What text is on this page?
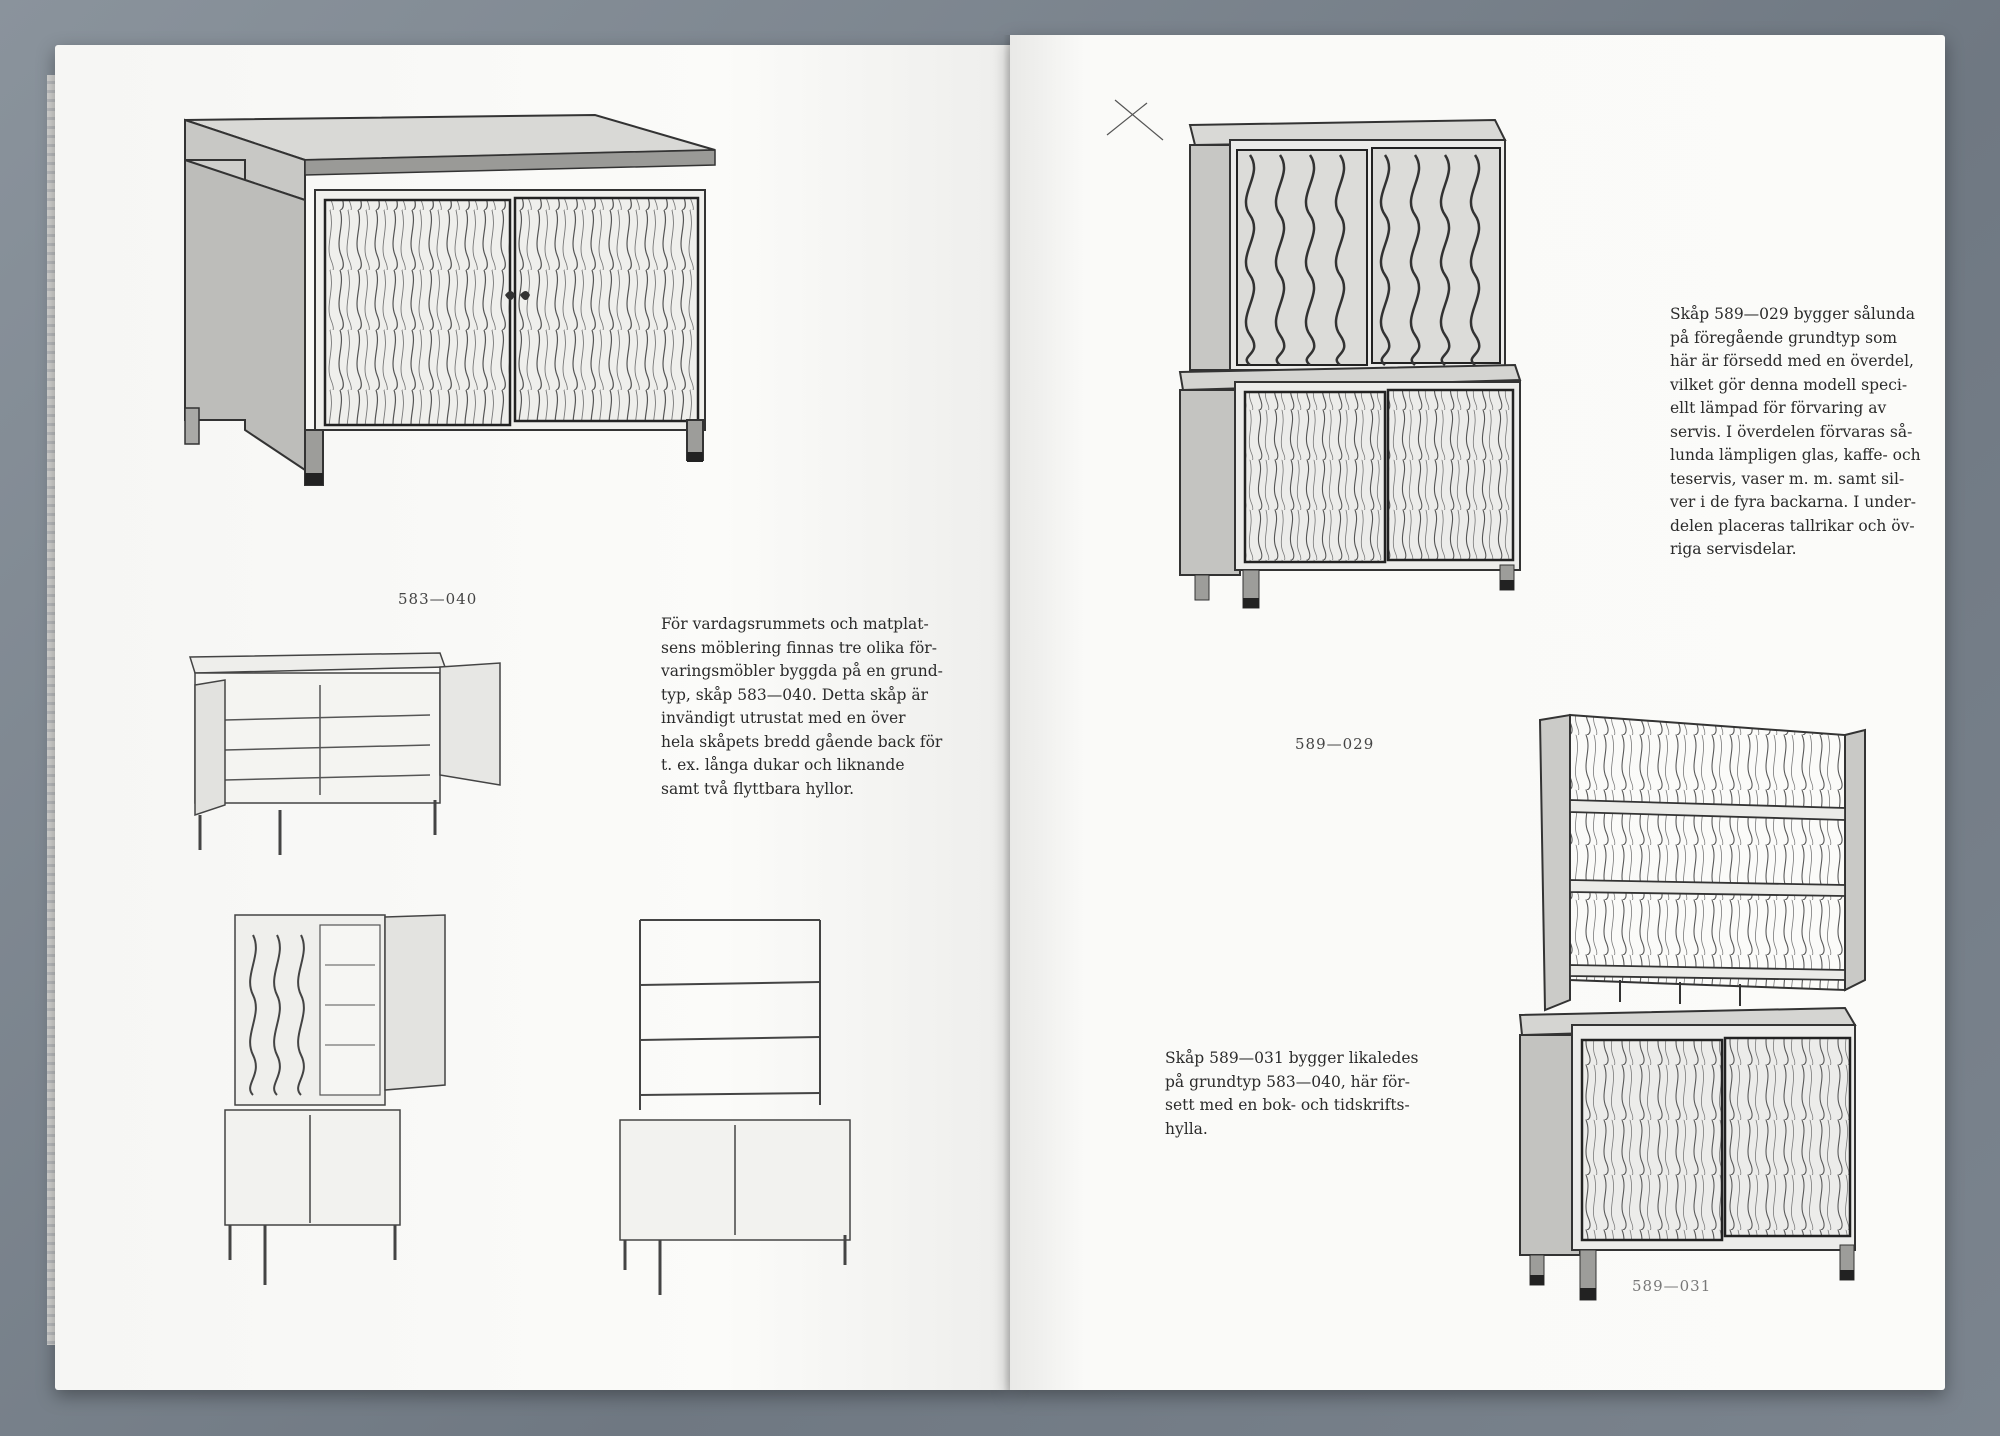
583—040
För vardagsrummets och matplat-
sens möblering finnas tre olika för-
varingsmöbler byggda på en grund-
typ, skåp 583—040. Detta skåp är
invändigt utrustat med en över
hela skåpets bredd gående back för
t. ex. långa dukar och liknande
samt två flyttbara hyllor.
589—029
Skåp 589—029 bygger sålunda
på föregående grundtyp som
här är försedd med en överdel,
vilket gör denna modell speci-
ellt lämpad för förvaring av
servis. I överdelen förvaras så-
lunda lämpligen glas, kaffe- och
teservis, vaser m. m. samt sil-
ver i de fyra backarna. I under-
delen placeras tallrikar och öv-
riga servisdelar.
Skåp 589—031 bygger likaledes
på grundtyp 583—040, här för-
sett med en bok- och tidskrifts-
hylla.
589—031
